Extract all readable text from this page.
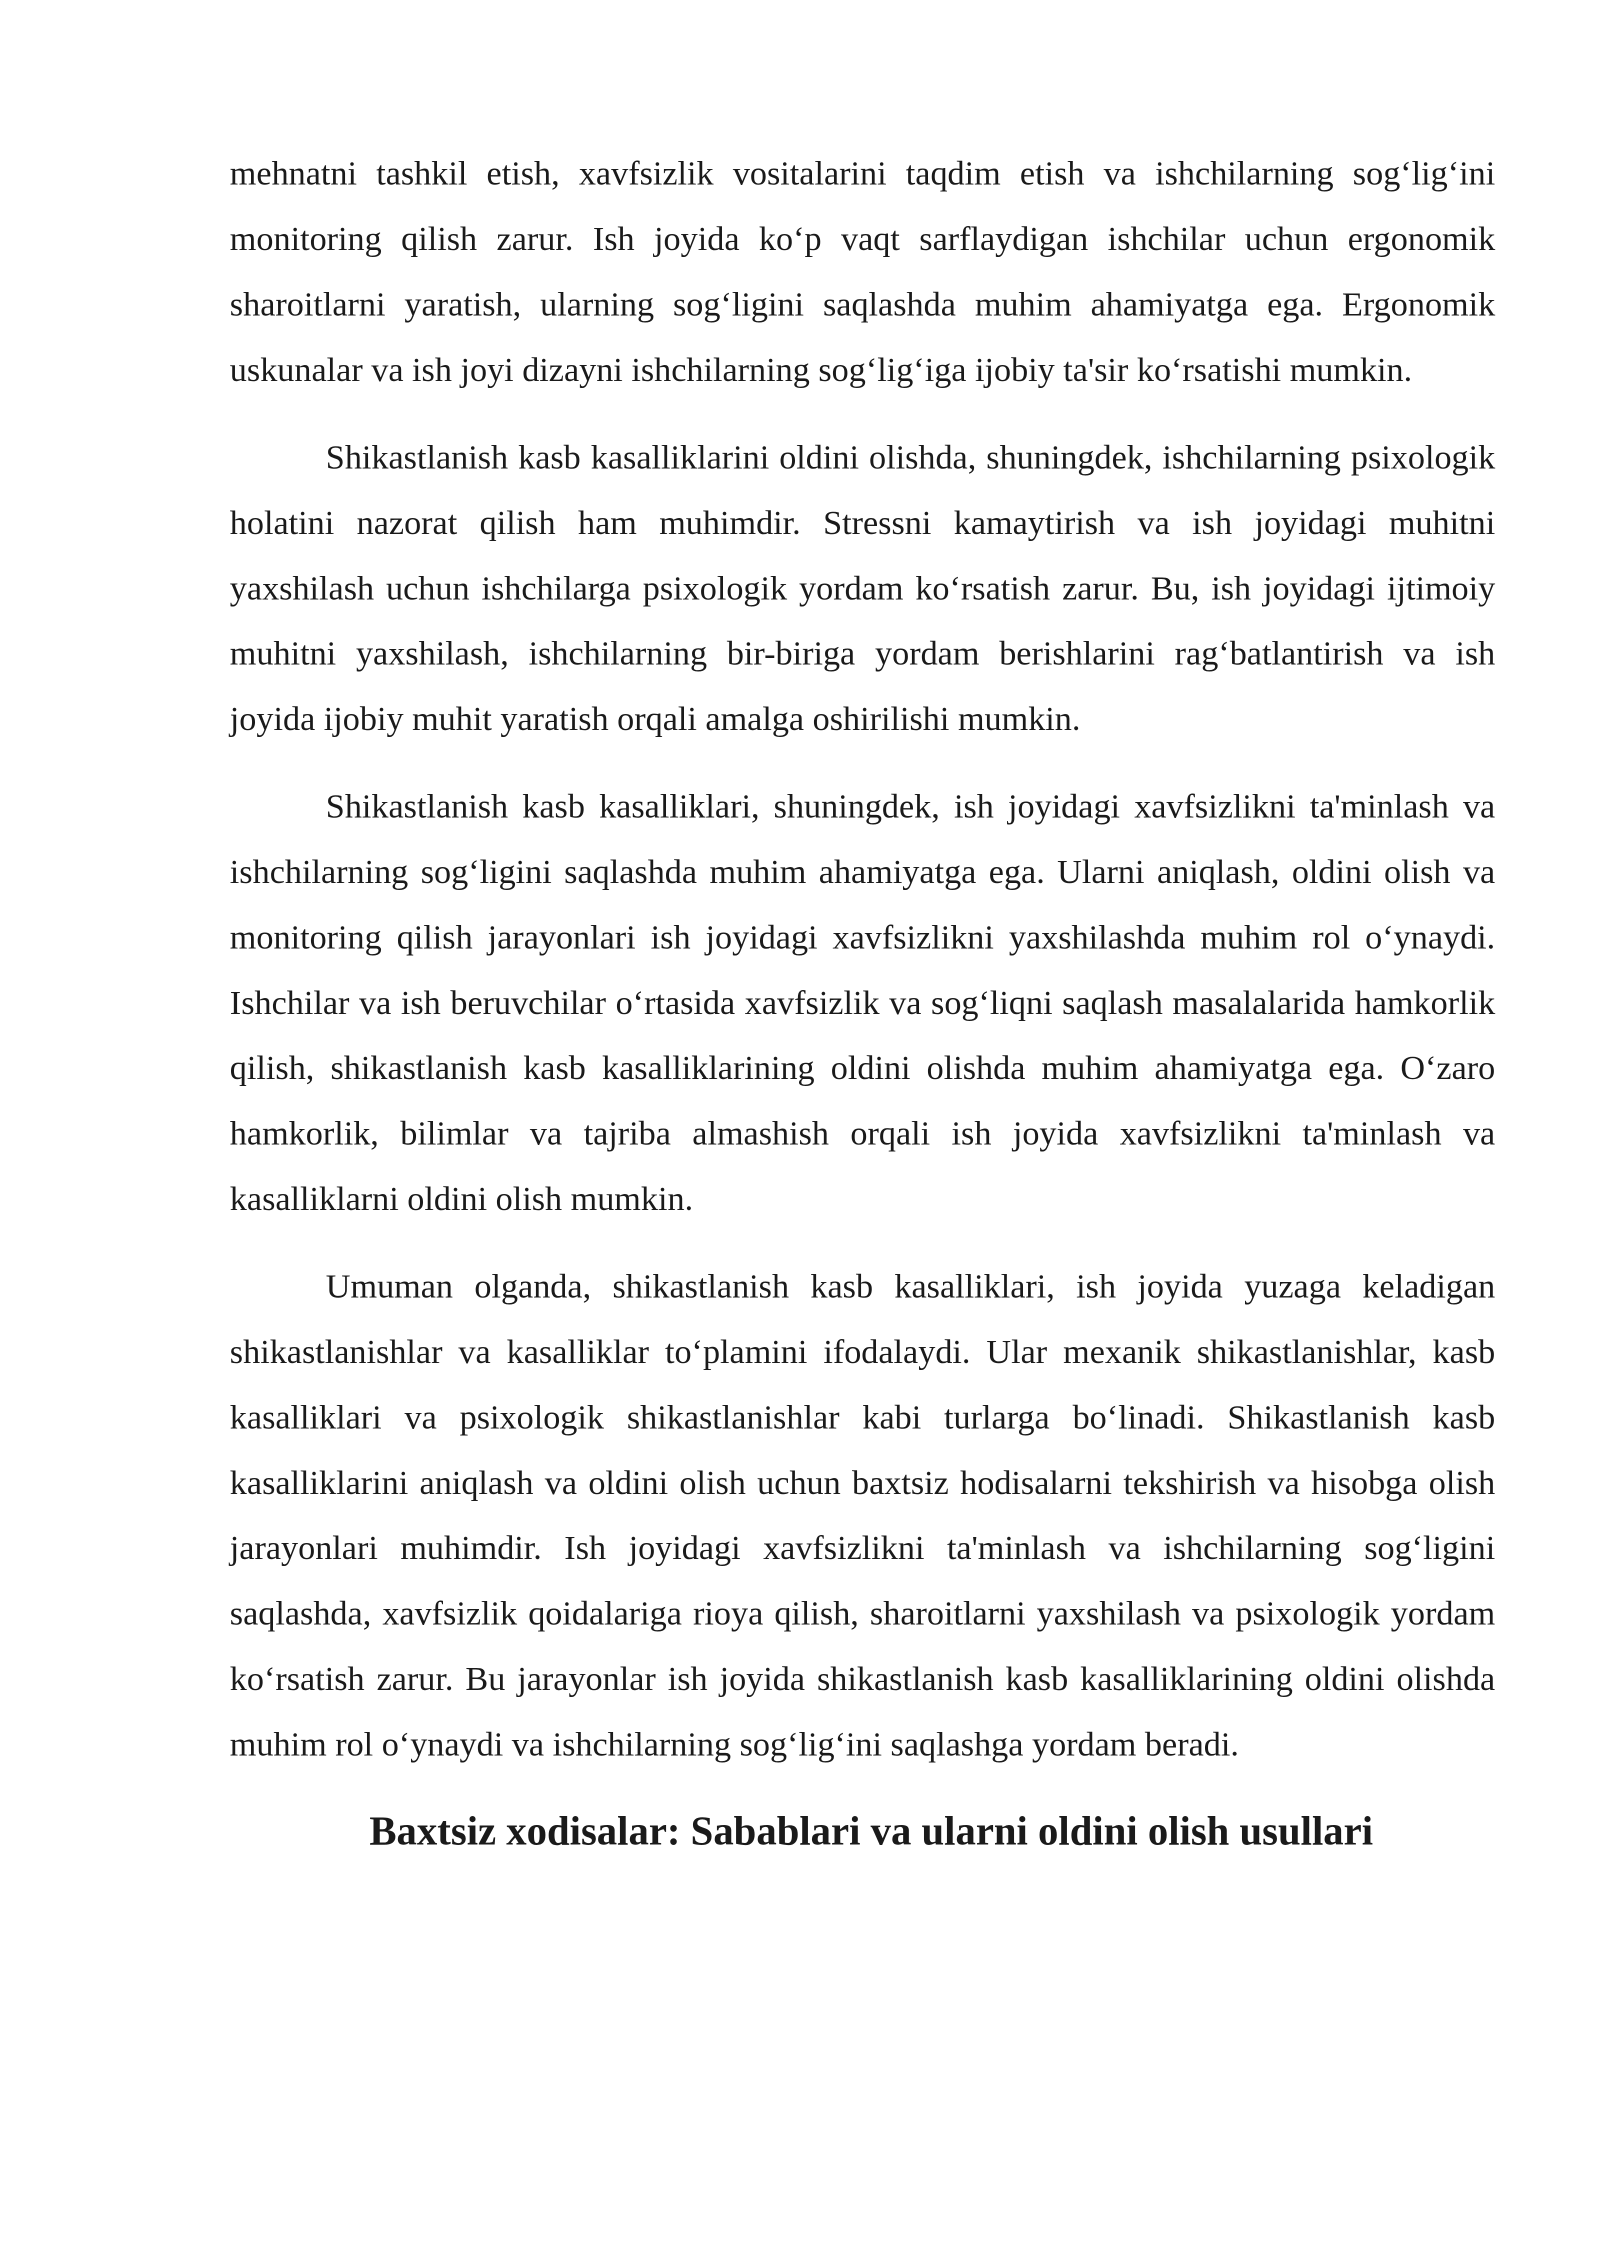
mehnatni tashkil etish, xavfsizlik vositalarini taqdim etish va ishchilarning sog‘lig‘ini monitoring qilish zarur. Ish joyida ko‘p vaqt sarflaydigan ishchilar uchun ergonomik sharoitlarni yaratish, ularning sog‘ligini saqlashda muhim ahamiyatga ega. Ergonomik uskunalar va ish joyi dizayni ishchilarning sog‘lig‘iga ijobiy ta'sir ko‘rsatishi mumkin.

Shikastlanish kasb kasalliklarini oldini olishda, shuningdek, ishchilarning psixologik holatini nazorat qilish ham muhimdir. Stressni kamaytirish va ish joyidagi muhitni yaxshilash uchun ishchilarga psixologik yordam ko‘rsatish zarur. Bu, ish joyidagi ijtimoiy muhitni yaxshilash, ishchilarning bir-biriga yordam berishlarini rag‘batlantirish va ish joyida ijobiy muhit yaratish orqali amalga oshirilishi mumkin.

Shikastlanish kasb kasalliklari, shuningdek, ish joyidagi xavfsizlikni ta'minlash va ishchilarning sog‘ligini saqlashda muhim ahamiyatga ega. Ularni aniqlash, oldini olish va monitoring qilish jarayonlari ish joyidagi xavfsizlikni yaxshilashda muhim rol o‘ynaydi. Ishchilar va ish beruvchilar o‘rtasida xavfsizlik va sog‘liqni saqlash masalalarida hamkorlik qilish, shikastlanish kasb kasalliklarining oldini olishda muhim ahamiyatga ega. O‘zaro hamkorlik, bilimlar va tajriba almashish orqali ish joyida xavfsizlikni ta'minlash va kasalliklarni oldini olish mumkin.

Umuman olganda, shikastlanish kasb kasalliklari, ish joyida yuzaga keladigan shikastlanishlar va kasalliklar to‘plamini ifodalaydi. Ular mexanik shikastlanishlar, kasb kasalliklari va psixologik shikastlanishlar kabi turlarga bo‘linadi. Shikastlanish kasb kasalliklarini aniqlash va oldini olish uchun baxtsiz hodisalarni tekshirish va hisobga olish jarayonlari muhimdir. Ish joyidagi xavfsizlikni ta'minlash va ishchilarning sog‘ligini saqlashda, xavfsizlik qoidalariga rioya qilish, sharoitlarni yaxshilash va psixologik yordam ko‘rsatish zarur. Bu jarayonlar ish joyida shikastlanish kasb kasalliklarining oldini olishda muhim rol o‘ynaydi va ishchilarning sog‘lig‘ini saqlashga yordam beradi.

Baxtsiz xodisalar: Sabablari va ularni oldini olish usullari
